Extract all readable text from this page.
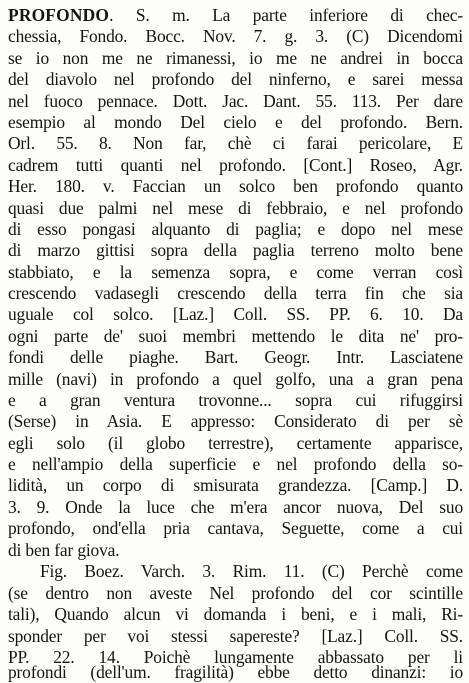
PROFONDO. S. m. La parte inferiore di chec-
chessia, Fondo. Bocc. Nov. 7. g. 3. (C) Dicendomi
se io non me ne rimanessi, io me ne andrei in bocca
del diavolo nel profondo del ninferno, e sarei messa
nel fuoco pennace. Dott. Jac. Dant. 55. 113. Per dare
esempio al mondo Del cielo e del profondo. Bern.
Orl. 55. 8. Non far, chè ci farai pericolare, E
cadrem tutti quanti nel profondo. [Cont.] Roseo, Agr.
Her. 180. v. Faccian un solco ben profondo quanto
quasi due palmi nel mese di febbraio, e nel profondo
di esso pongasi alquanto di paglia; e dopo nel mese
di marzo gittisi sopra della paglia terreno molto bene
stabbiato, e la semenza sopra, e come verran così
crescendo vadasegli crescendo della terra fin che sia
uguale col solco. [Laz.] Coll. SS. PP. 6. 10. Da
ogni parte de' suoi membri mettendo le dita ne' pro-
fondi delle piaghe. Bart. Geogr. Intr. Lasciatene
mille (navi) in profondo a quel golfo, una a gran pena
e a gran ventura trovonne... sopra cui rifuggirsi
(Serse) in Asia. E appresso: Considerato di per sè
egli solo (il globo terrestre), certamente apparisce,
e nell'ampio della superficie e nel profondo della so-
lidità, un corpo di smisurata grandezza. [Camp.] D.
3. 9. Onde la luce che m'era ancor nuova, Del suo
profondo, ond'ella pria cantava, Seguette, come a cui
di ben far giova.
Fig. Boez. Varch. 3. Rim. 11. (C) Perchè come
(se dentro non aveste Nel profondo del cor scintille
tali), Quando alcun vi domanda i beni, e i mali, Ri-
sponder per voi stessi sapereste? [Laz.] Coll. SS.
PP. 22. 14. Poichè lungamente abbassato per li
profondi (dell'um. fragilità) ebbe detto dinanzi: io
